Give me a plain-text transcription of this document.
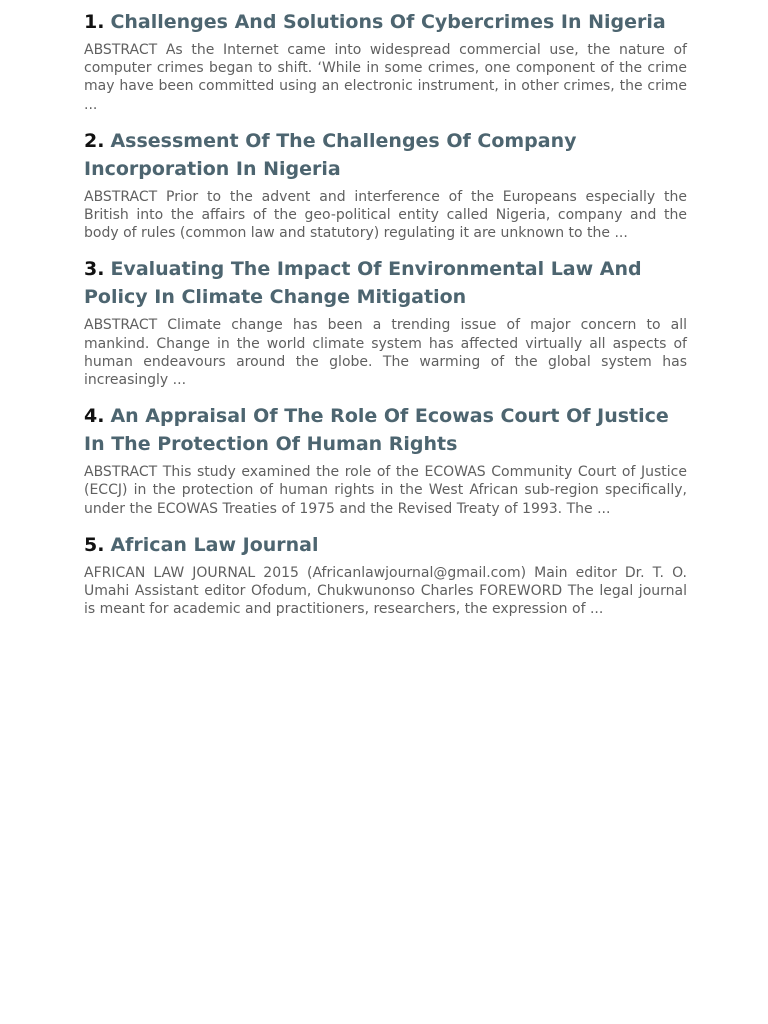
1. Challenges And Solutions Of Cybercrimes In Nigeria

ABSTRACT As the Internet came into widespread commercial use, the nature of computer crimes began to shift. ‘While in some crimes, one component of the crime may have been committed using an electronic instrument, in other crimes, the crime ...

2. Assessment Of The Challenges Of Company Incorporation In Nigeria

ABSTRACT Prior to the advent and interference of the Europeans especially the British into the affairs of the geo-political entity called Nigeria, company and the body of rules (common law and statutory) regulating it are unknown to the ...

3. Evaluating The Impact Of Environmental Law And Policy In Climate Change Mitigation

ABSTRACT Climate change has been a trending issue of major concern to all mankind. Change in the world climate system has affected virtually all aspects of human endeavours around the globe. The warming of the global system has increasingly ...

4. An Appraisal Of The Role Of Ecowas Court Of Justice In The Protection Of Human Rights

ABSTRACT This study examined the role of the ECOWAS Community Court of Justice (ECCJ) in the protection of human rights in the West African sub-region specifically, under the ECOWAS Treaties of 1975 and the Revised Treaty of 1993. The ...

5. African Law Journal

AFRICAN LAW JOURNAL 2015 (Africanlawjournal@gmail.com) Main editor Dr. T. O. Umahi Assistant editor Ofodum, Chukwunonso Charles FOREWORD The legal journal is meant for academic and practitioners, researchers, the expression of ...
